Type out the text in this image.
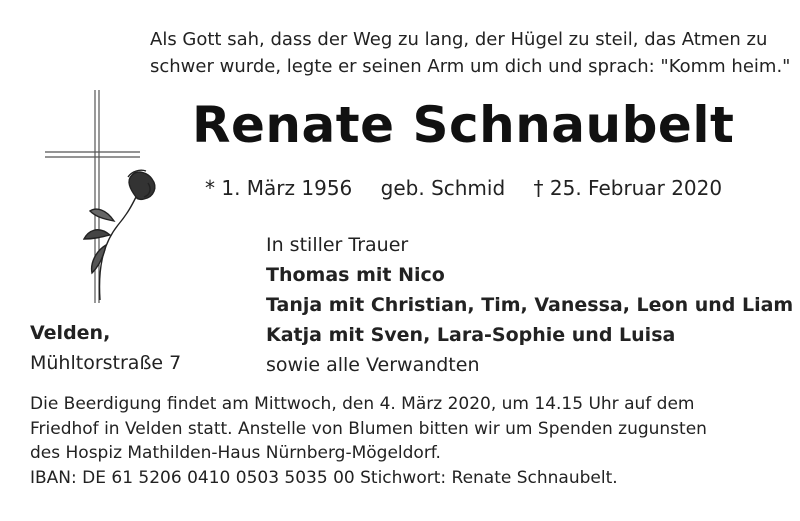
Als Gott sah, dass der Weg zu lang, der Hügel zu steil, das Atmen zu
schwer wurde, legte er seinen Arm um dich und sprach: "Komm heim."
Renate Schnaubelt
* 1. März 1956 geb. Schmid † 25. Februar 2020
In stiller Trauer
Thomas mit Nico
Tanja mit Christian, Tim, Vanessa, Leon und Liam
Katja mit Sven, Lara-Sophie und Luisa
sowie alle Verwandten
Velden,
Mühltorstraße 7
Die Beerdigung findet am Mittwoch, den 4. März 2020, um 14.15 Uhr auf dem
Friedhof in Velden statt. Anstelle von Blumen bitten wir um Spenden zugunsten
des Hospiz Mathilden-Haus Nürnberg-Mögeldorf.
IBAN: DE 61 5206 0410 0503 5035 00 Stichwort: Renate Schnaubelt.
